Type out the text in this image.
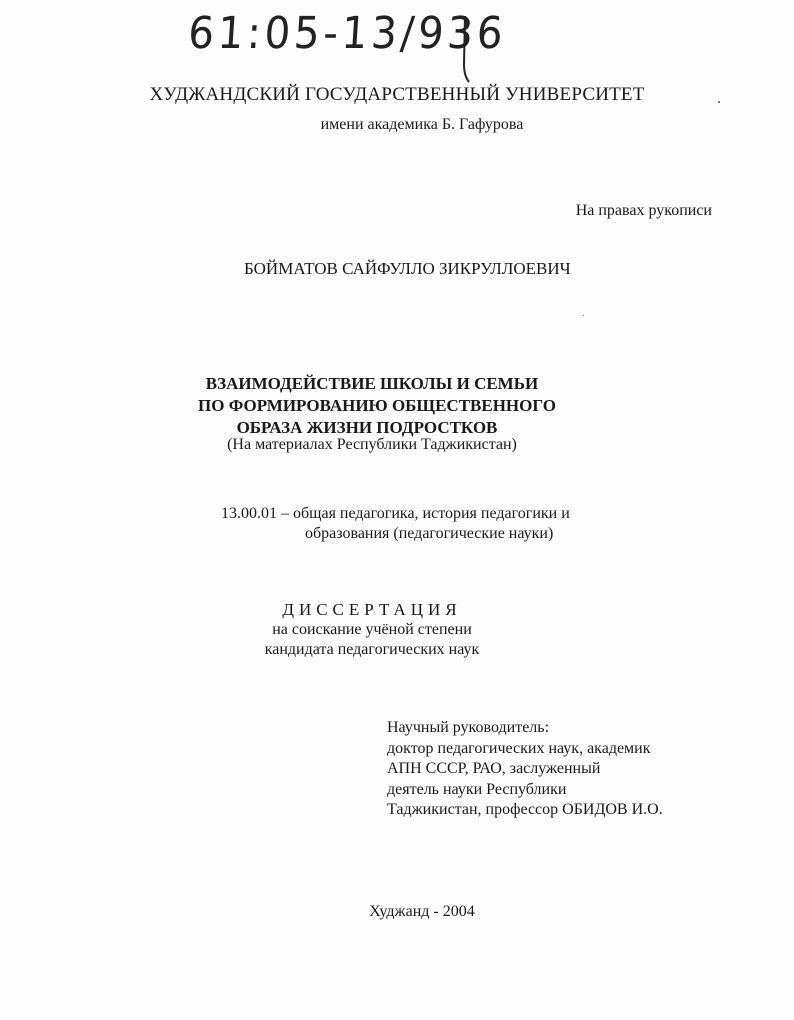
61:05-13/936
ХУДЖАНДСКИЙ ГОСУДАРСТВЕННЫЙ УНИВЕРСИТЕТ
имени академика Б. Гафурова
На правах рукописи
БОЙМАТОВ САЙФУЛЛО ЗИКРУЛЛОЕВИЧ
ВЗАИМОДЕЙСТВИЕ ШКОЛЫ И СЕМЬИ
ПО ФОРМИРОВАНИЮ ОБЩЕСТВЕННОГО
ОБРАЗА ЖИЗНИ ПОДРОСТКОВ
(На материалах Республики Таджикистан)
13.00.01 – общая педагогика, история педагогики и
образования (педагогические науки)
ДИССЕРТАЦИЯ
на соискание учёной степени
кандидата педагогических наук
Научный руководитель:
доктор педагогических наук, академик
АПН СССР, РАО, заслуженный
деятель науки Республики
Таджикистан, профессор ОБИДОВ И.О.
Худжанд - 2004
